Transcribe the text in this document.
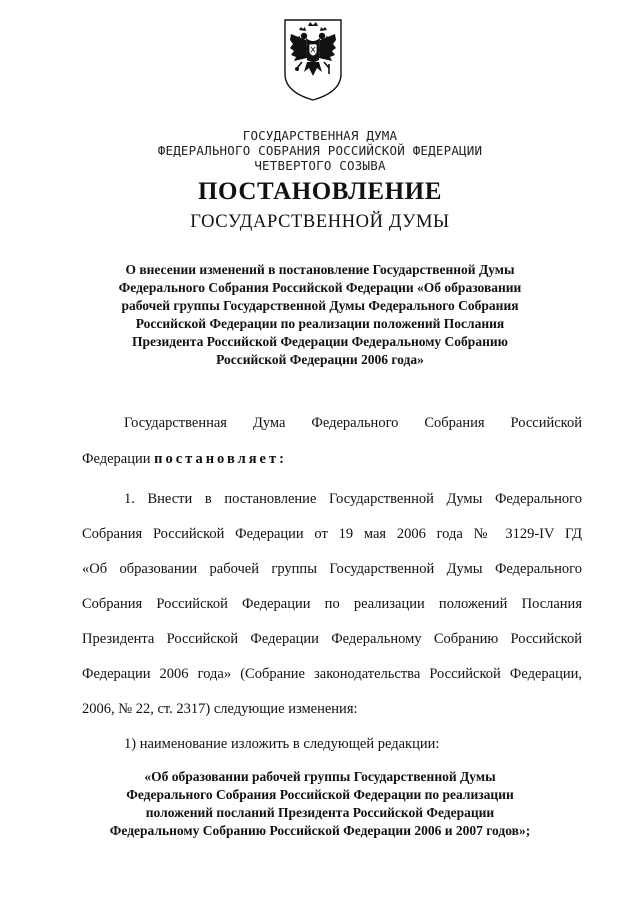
ГОСУДАРСТВЕННАЯ ДУМА
ФЕДЕРАЛЬНОГО СОБРАНИЯ РОССИЙСКОЙ ФЕДЕРАЦИИ
ЧЕТВЕРТОГО СОЗЫВА
ПОСТАНОВЛЕНИЕ
ГОСУДАРСТВЕННОЙ ДУМЫ
О внесении изменений в постановление Государственной Думы
Федерального Собрания Российской Федерации «Об образовании
рабочей группы Государственной Думы Федерального Собрания
Российской Федерации по реализации положений Послания
Президента Российской Федерации Федеральному Собранию
Российской Федерации 2006 года»
Государственная Дума Федерального Собрания Российской
Федерации постановляет:
1. Внести в постановление Государственной Думы Федерального
Собрания Российской Федерации от 19 мая 2006 года № 3129-IV ГД
«Об образовании рабочей группы Государственной Думы Федерального
Собрания Российской Федерации по реализации положений Послания
Президента Российской Федерации Федеральному Собранию Российской
Федерации 2006 года» (Собрание законодательства Российской Федерации,
2006, № 22, ст. 2317) следующие изменения:
1) наименование изложить в следующей редакции:
«Об образовании рабочей группы Государственной Думы
Федерального Собрания Российской Федерации по реализации
положений посланий Президента Российской Федерации
Федеральному Собранию Российской Федерации 2006 и 2007 годов»;
